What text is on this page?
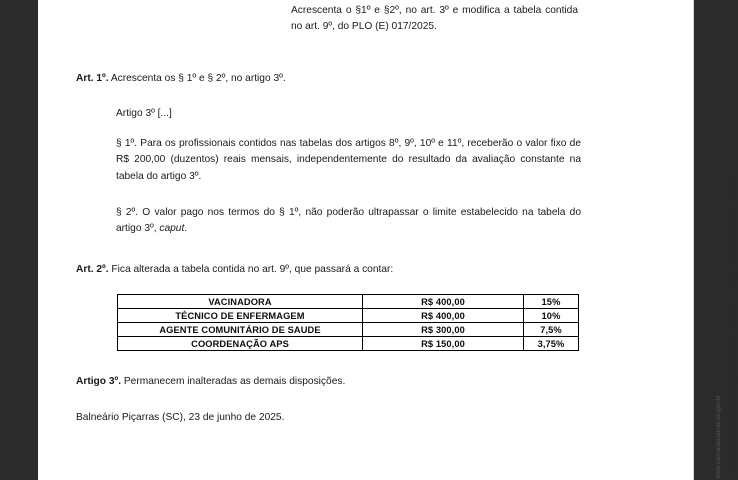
Acrescenta o §1º e §2º, no art. 3º e modifica a tabela contida no art. 9º, do PLO (E) 017/2025.
Art. 1º. Acrescenta os § 1º e § 2º, no artigo 3º.
Artigo 3º [...]
§ 1º. Para os profissionais contidos nas tabelas dos artigos 8º, 9º, 10º e 11º, receberão o valor fixo de R$ 200,00 (duzentos) reais mensais, independentemente do resultado da avaliação constante na tabela do artigo 3º.
§ 2º. O valor pago nos termos do § 1º, não poderão ultrapassar o limite estabelecido na tabela do artigo 3º, caput.
Art. 2º. Fica alterada a tabela contida no art. 9º, que passará a contar:
VACINADORA	R$ 400,00	15%
TÉCNICO DE ENFERMAGEM	R$ 400,00	10%
AGENTE COMUNITÁRIO DE SAUDE	R$ 300,00	7,5%
COORDENAÇÃO APS	R$ 150,00	3,75%
Artigo 3º. Permanecem inalteradas as demais disposições.
Balneário Piçarras (SC), 23 de junho de 2025.	www.camarapicarras.sc.gov.br/cee e informe o código: 250623152307 78/4350
www.camarapicarras.sc.gov.br
